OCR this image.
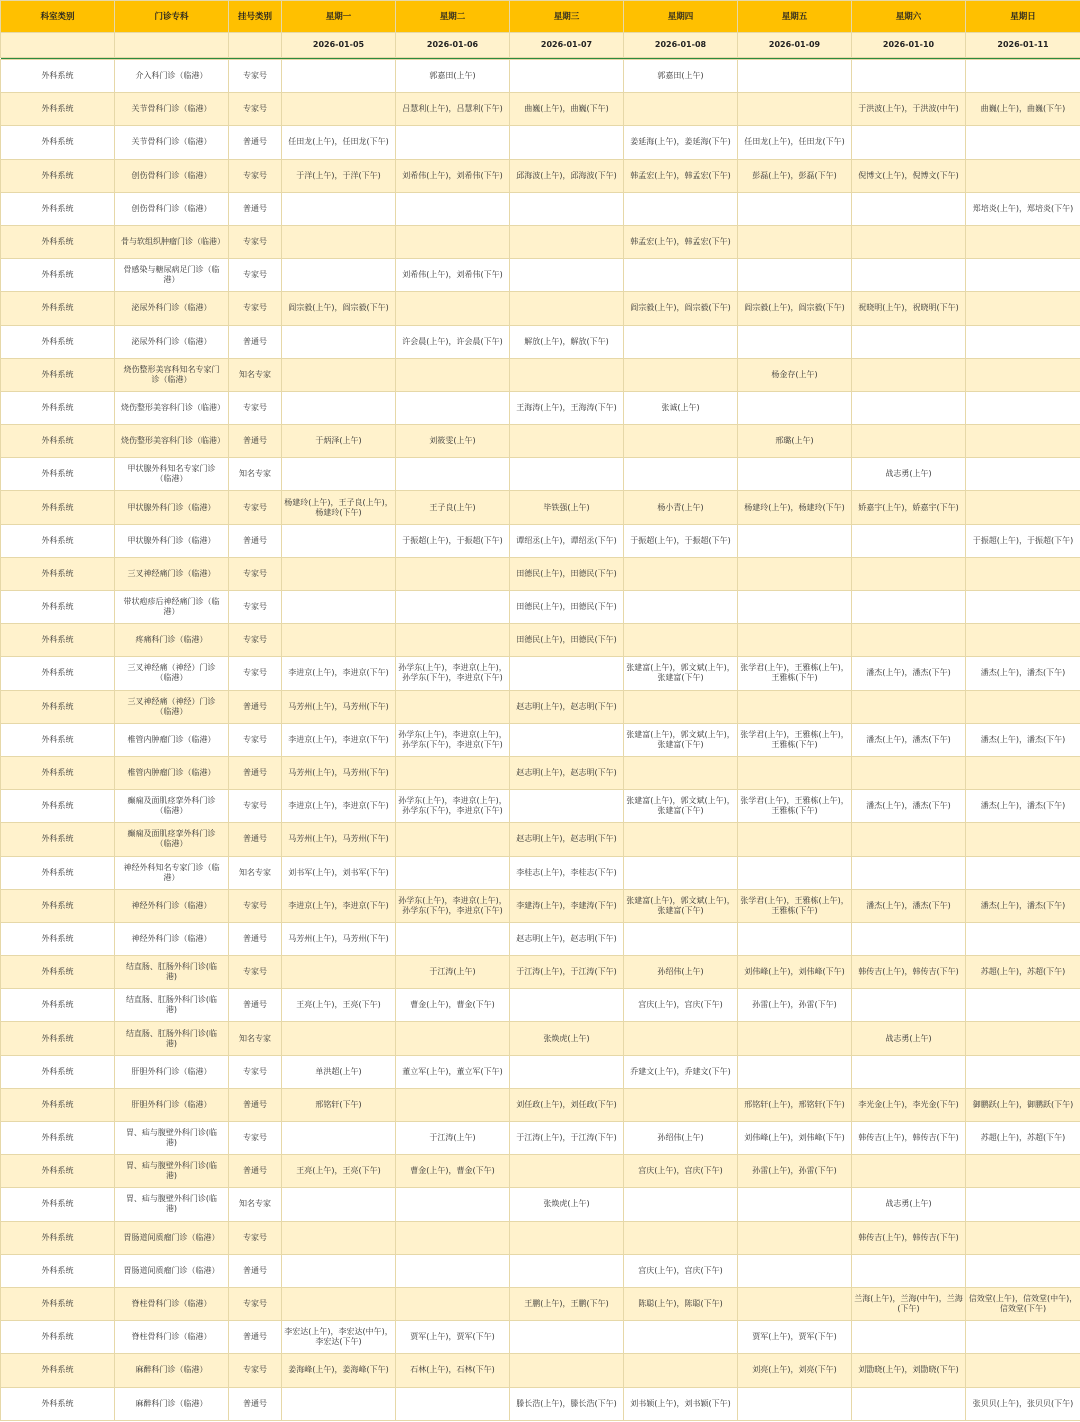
科室类别	门诊专科	挂号类别	星期一	星期二	星期三	星期四	星期五	星期六	星期日
			2026-01-05	2026-01-06	2026-01-07	2026-01-08	2026-01-09	2026-01-10	2026-01-11

外科系统	介入科门诊（临港）	专家号		郭嘉田(上午)		郭嘉田(上午)			
外科系统	关节骨科门诊（临港）	专家号		吕慧利(上午)，吕慧利(下午)	曲巍(上午)，曲巍(下午)			于洪波(上午)，于洪波(中午)	曲巍(上午)，曲巍(下午)
外科系统	关节骨科门诊（临港）	普通号	任田龙(上午)，任田龙(下午)			姜延海(上午)，姜延海(下午)	任田龙(上午)，任田龙(下午)		
外科系统	创伤骨科门诊（临港）	专家号	于洋(上午)，于洋(下午)	刘希伟(上午)，刘希伟(下午)	邱海波(上午)，邱海波(下午)	韩孟宏(上午)，韩孟宏(下午)	彭磊(上午)，彭磊(下午)	倪博文(上午)，倪博文(下午)	
外科系统	创伤骨科门诊（临港）	普通号							郑培炎(上午)，郑培炎(下午)
外科系统	骨与软组织肿瘤门诊（临港）	专家号				韩孟宏(上午)，韩孟宏(下午)			
外科系统	骨感染与糖尿病足门诊（临港）	专家号		刘希伟(上午)，刘希伟(下午)					
外科系统	泌尿外科门诊（临港）	专家号	阎宗毅(上午)，阎宗毅(下午)			阎宗毅(上午)，阎宗毅(下午)	阎宗毅(上午)，阎宗毅(下午)	祝晓明(上午)，祝晓明(下午)	
外科系统	泌尿外科门诊（临港）	普通号		许会晨(上午)，许会晨(下午)	解放(上午)，解放(下午)				
外科系统	烧伤整形美容科知名专家门诊（临港）	知名专家					杨金存(上午)		
外科系统	烧伤整形美容科门诊（临港）	专家号			王海涛(上午)，王海涛(下午)	张诚(上午)			
外科系统	烧伤整形美容科门诊（临港）	普通号	于炳泽(上午)	刘筱雯(上午)			邢璐(上午)		
外科系统	甲状腺外科知名专家门诊（临港）	知名专家						战志勇(上午)	
外科系统	甲状腺外科门诊（临港）	专家号	杨建玲(上午)，王子良(上午)，杨建玲(下午)	王子良(上午)	毕铁强(上午)	杨小青(上午)	杨建玲(上午)，杨建玲(下午)	娇嘉宇(上午)，娇嘉宇(下午)	
外科系统	甲状腺外科门诊（临港）	普通号		于振超(上午)，于振超(下午)	谭绍丞(上午)，谭绍丞(下午)	于振超(上午)，于振超(下午)			于振超(上午)，于振超(下午)
外科系统	三叉神经痛门诊（临港）	专家号			田德民(上午)，田德民(下午)				
外科系统	带状疱疹后神经痛门诊（临港）	专家号			田德民(上午)，田德民(下午)				
外科系统	疼痛科门诊（临港）	专家号			田德民(上午)，田德民(下午)				
外科系统	三叉神经痛（神经）门诊（临港）	专家号	李进京(上午)，李进京(下午)	孙学东(上午)，李进京(上午)，孙学东(下午)，李进京(下午)		张建富(上午)，郭文斌(上午)，张建富(下午)	张学君(上午)，王雅栋(上午)，王雅栋(下午)	潘杰(上午)，潘杰(下午)	潘杰(上午)，潘杰(下午)
外科系统	三叉神经痛（神经）门诊（临港）	普通号	马芳州(上午)，马芳州(下午)		赵志明(上午)，赵志明(下午)				
外科系统	椎管内肿瘤门诊（临港）	专家号	李进京(上午)，李进京(下午)	孙学东(上午)，李进京(上午)，孙学东(下午)，李进京(下午)		张建富(上午)，郭文斌(上午)，张建富(下午)	张学君(上午)，王雅栋(上午)，王雅栋(下午)	潘杰(上午)，潘杰(下午)	潘杰(上午)，潘杰(下午)
外科系统	椎管内肿瘤门诊（临港）	普通号	马芳州(上午)，马芳州(下午)		赵志明(上午)，赵志明(下午)				
外科系统	癫痫及面肌痉挛外科门诊（临港）	专家号	李进京(上午)，李进京(下午)	孙学东(上午)，李进京(上午)，孙学东(下午)，李进京(下午)		张建富(上午)，郭文斌(上午)，张建富(下午)	张学君(上午)，王雅栋(上午)，王雅栋(下午)	潘杰(上午)，潘杰(下午)	潘杰(上午)，潘杰(下午)
外科系统	癫痫及面肌痉挛外科门诊（临港）	普通号	马芳州(上午)，马芳州(下午)		赵志明(上午)，赵志明(下午)				
外科系统	神经外科知名专家门诊（临港）	知名专家	刘书军(上午)，刘书军(下午)		李桂志(上午)，李桂志(下午)				
外科系统	神经外科门诊（临港）	专家号	李进京(上午)，李进京(下午)	孙学东(上午)，李进京(上午)，孙学东(下午)，李进京(下午)	李建涛(上午)，李建涛(下午)	张建富(上午)，郭文斌(上午)，张建富(下午)	张学君(上午)，王雅栋(上午)，王雅栋(下午)	潘杰(上午)，潘杰(下午)	潘杰(上午)，潘杰(下午)
外科系统	神经外科门诊（临港）	普通号	马芳州(上午)，马芳州(下午)		赵志明(上午)，赵志明(下午)				
外科系统	结直肠、肛肠外科门诊(临港)	专家号		于江涛(上午)	于江涛(上午)，于江涛(下午)	孙绍伟(上午)	刘伟峰(上午)，刘伟峰(下午)	韩传吉(上午)，韩传吉(下午)	苏超(上午)，苏超(下午)
外科系统	结直肠、肛肠外科门诊(临港)	普通号	王亮(上午)，王亮(下午)	曹金(上午)，曹金(下午)		宫庆(上午)，宫庆(下午)	孙雷(上午)，孙雷(下午)		
外科系统	结直肠、肛肠外科门诊(临港)	知名专家			张焕虎(上午)			战志勇(上午)	
外科系统	肝胆外科门诊（临港）	专家号	单洪超(上午)	董立军(上午)，董立军(下午)		乔建文(上午)，乔建文(下午)			
外科系统	肝胆外科门诊（临港）	普通号	邢铭轩(下午)		刘任政(上午)，刘任政(下午)		邢铭轩(上午)，邢铭轩(下午)	李光金(上午)，李光金(下午)	御鹏跃(上午)，御鹏跃(下午)
外科系统	胃、疝与腹壁外科门诊(临港)	专家号		于江涛(上午)	于江涛(上午)，于江涛(下午)	孙绍伟(上午)	刘伟峰(上午)，刘伟峰(下午)	韩传吉(上午)，韩传吉(下午)	苏超(上午)，苏超(下午)
外科系统	胃、疝与腹壁外科门诊(临港)	普通号	王亮(上午)，王亮(下午)	曹金(上午)，曹金(下午)		宫庆(上午)，宫庆(下午)	孙雷(上午)，孙雷(下午)		
外科系统	胃、疝与腹壁外科门诊(临港)	知名专家			张焕虎(上午)			战志勇(上午)	
外科系统	胃肠道间质瘤门诊（临港）	专家号						韩传吉(上午)，韩传吉(下午)	
外科系统	胃肠道间质瘤门诊（临港）	普通号				宫庆(上午)，宫庆(下午)			
外科系统	脊柱骨科门诊（临港）	专家号			王鹏(上午)，王鹏(下午)	陈聪(上午)，陈聪(下午)		兰海(上午)，兰海(中午)，兰海(下午)	信效堂(上午)，信效堂(中午)，信效堂(下午)
外科系统	脊柱骨科门诊（临港）	普通号	李宏达(上午)，李宏达(中午)，李宏达(下午)	贾军(上午)，贾军(下午)			贾军(上午)，贾军(下午)		
外科系统	麻醉科门诊（临港）	专家号	姜海峰(上午)，姜海峰(下午)	石林(上午)，石林(下午)			刘亮(上午)，刘亮(下午)	刘勖晓(上午)，刘勖晓(下午)	
外科系统	麻醉科门诊（临港）	普通号			滕长浩(上午)，滕长浩(下午)	刘书颖(上午)，刘书颖(下午)			张贝贝(上午)，张贝贝(下午)
